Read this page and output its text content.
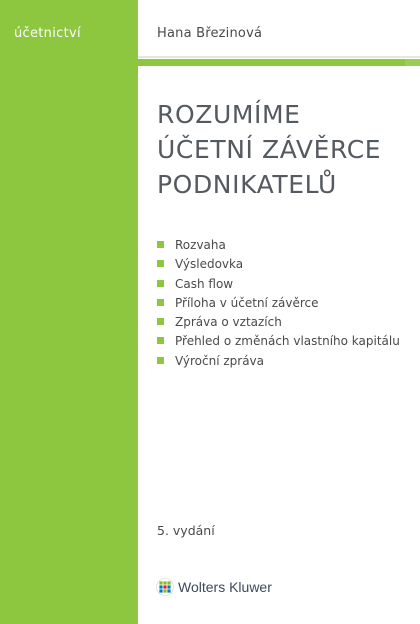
účetnictví	Hana Březinová
ROZUMÍME
ÚČETNÍ ZÁVĚRCE
PODNIKATELŮ
Rozvaha
Výsledovka
Cash flow
Příloha v účetní závěrce
Zpráva o vztazích
Přehled o změnách vlastního kapitálu
Výroční zpráva
5. vydání
Wolters Kluwer
